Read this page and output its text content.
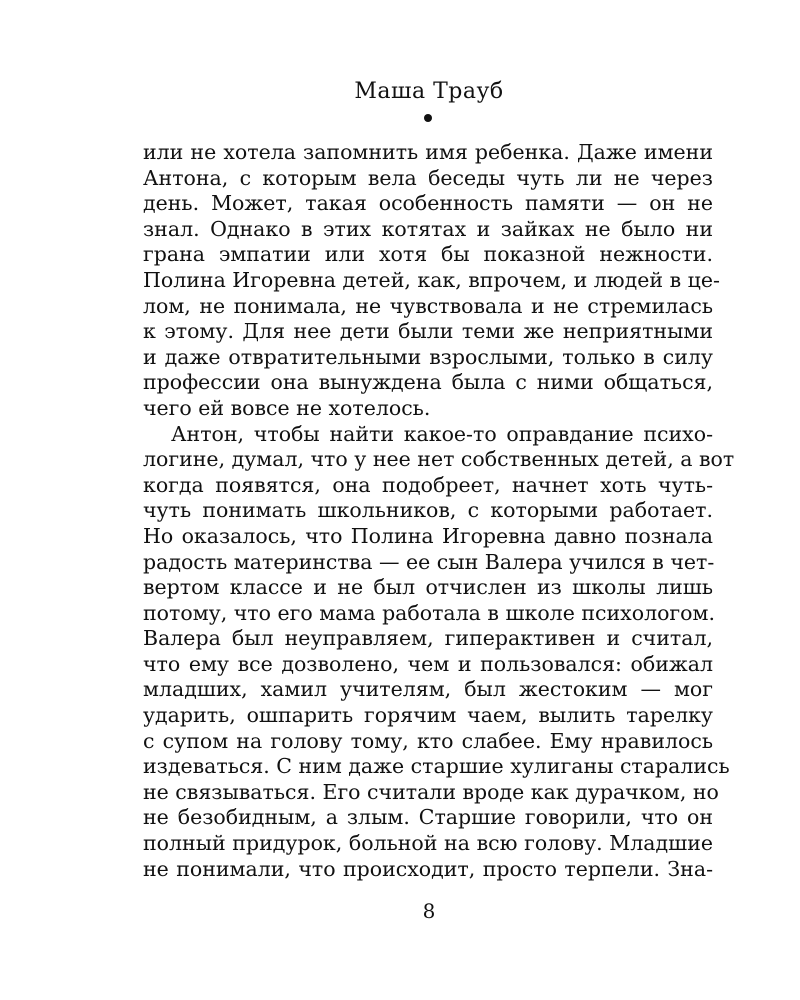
Маша Трауб

или не хотела запомнить имя ребенка. Даже имени
Антона, с которым вела беседы чуть ли не через
день. Может, такая особенность памяти — он не
знал. Однако в этих котятах и зайках не было ни
грана эмпатии или хотя бы показной нежности.
Полина Игоревна детей, как, впрочем, и людей в це-
лом, не понимала, не чувствовала и не стремилась
к этому. Для нее дети были теми же неприятными
и даже отвратительными взрослыми, только в силу
профессии она вынуждена была с ними общаться,
чего ей вовсе не хотелось.

Антон, чтобы найти какое-то оправдание психо-
логине, думал, что у нее нет собственных детей, а вот
когда появятся, она подобреет, начнет хоть чуть-
чуть понимать школьников, с которыми работает.
Но оказалось, что Полина Игоревна давно познала
радость материнства — ее сын Валера учился в чет-
вертом классе и не был отчислен из школы лишь
потому, что его мама работала в школе психологом.
Валера был неуправляем, гиперактивен и считал,
что ему все дозволено, чем и пользовался: обижал
младших, хамил учителям, был жестоким — мог
ударить, ошпарить горячим чаем, вылить тарелку
с супом на голову тому, кто слабее. Ему нравилось
издеваться. С ним даже старшие хулиганы старались
не связываться. Его считали вроде как дурачком, но
не безобидным, а злым. Старшие говорили, что он
полный придурок, больной на всю голову. Младшие
не понимали, что происходит, просто терпели. Зна-

8
